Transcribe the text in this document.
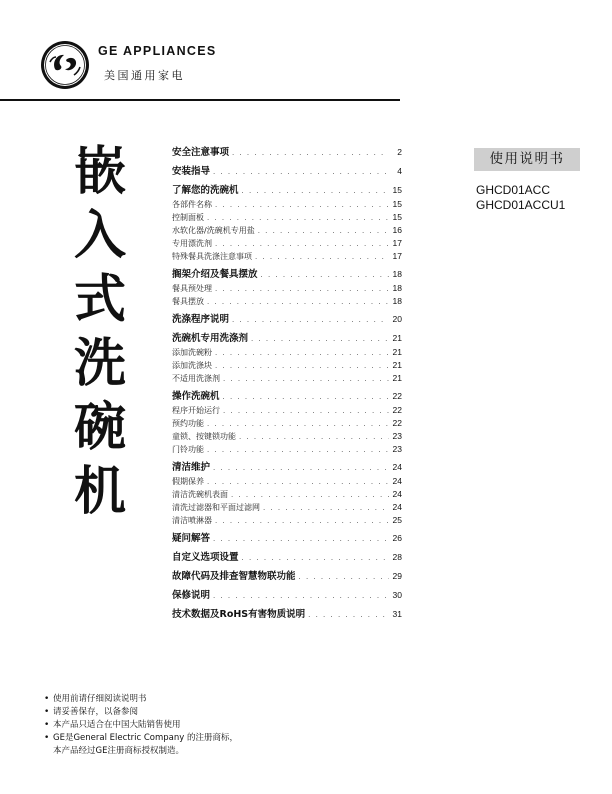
GE APPLIANCES
美国通用家电
嵌
入
式
洗
碗
机
安全注意事项 . . .	2
安装指导 . . .	4
了解您的洗碗机 . . .	15
各部件名称 . . .	15
控制面板 . . .	15
水软化器/洗碗机专用盐 . . .	16
专用漂洗剂 . . .	17
特殊餐具洗涤注意事项 . . .	17
搁架介绍及餐具摆放 . . .	18
餐具预处理 . . .	18
餐具摆放 . . .	18
洗涤程序说明 . . .	20
洗碗机专用洗涤剂 . . .	21
添加洗碗粉 . . .	21
添加洗涤块 . . .	21
不适用洗涤剂 . . .	21
操作洗碗机 . . .	22
程序开始运行 . . .	22
预约功能 . . .	22
童锁、按键锁功能 . . .	23
门铃功能 . . .	23
清洁维护 . . .	24
假期保养 . . .	24
清洁洗碗机表面 . . .	24
清洗过滤器和平面过滤网 . . .	24
清洁喷淋器 . . .	25
疑问解答 . . .	26
自定义选项设置 . . .	28
故障代码及排查智慧物联功能 . . .	29
保修说明 . . .	30
技术数据及RoHS有害物质说明 . . .	31
使用说明书
GHCD01ACC
GHCD01ACCU1
• 使用前请仔细阅读说明书
• 请妥善保存，以备参阅
• 本产品只适合在中国大陆销售使用
• GE是General Electric Company 的注册商标，本产品经过GE注册商标授权制造。
